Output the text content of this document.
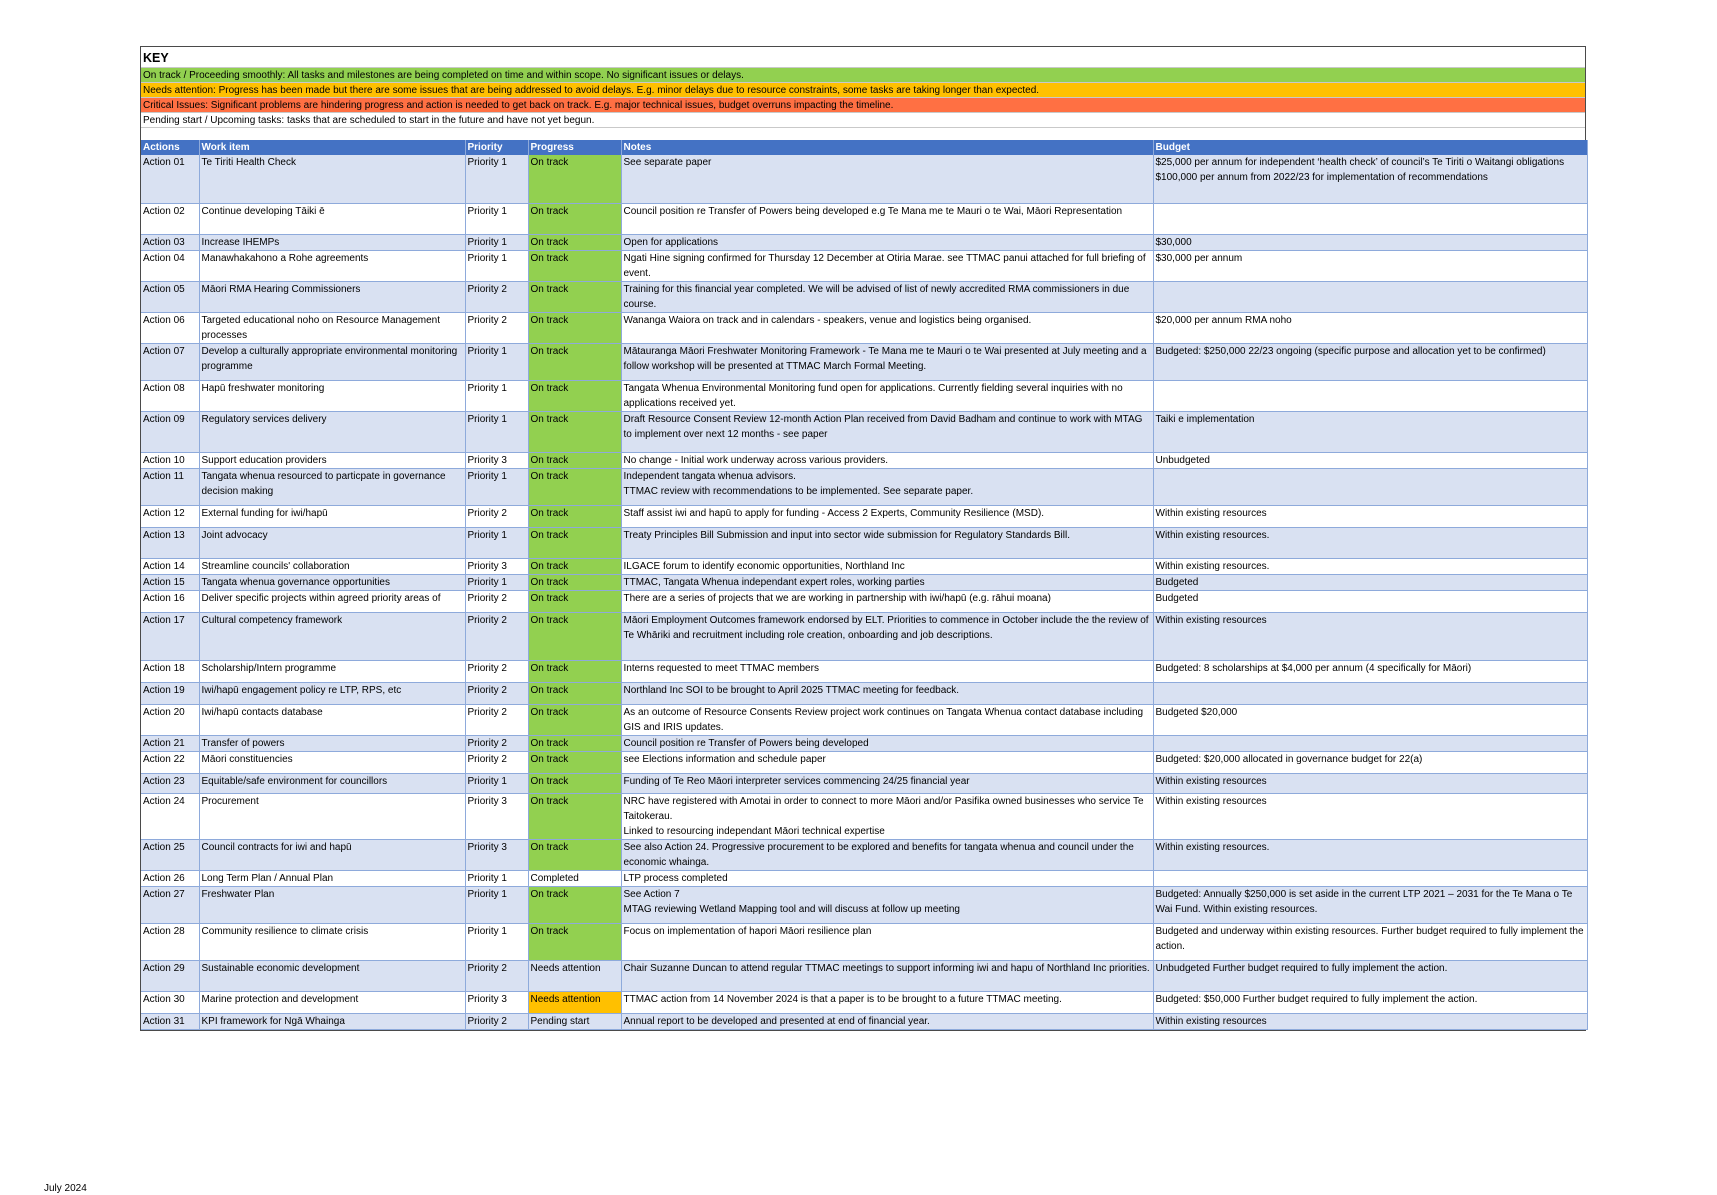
KEY
On track / Proceeding smoothly: All tasks and milestones are being completed on time and within scope. No significant issues or delays.
Needs attention: Progress has been made but there are some issues that are being addressed to avoid delays. E.g. minor delays due to resource constraints, some tasks are taking longer than expected.
Critical Issues: Significant problems are hindering progress and action is needed to get back on track. E.g. major technical issues, budget overruns impacting the timeline.
Pending start / Upcoming tasks: tasks that are scheduled to start in the future and have not yet begun.
Actions	Work item	Priority	Progress	Notes	Budget
Action 01	Te Tiriti Health Check	Priority 1	On track	See separate paper	$25,000 per annum for independent ‘health check’ of council’s Te Tiriti o Waitangi obligations
$100,000 per annum from 2022/23 for implementation of recommendations
Action 02	Continue developing Tāiki ē	Priority 1	On track	Council position re Transfer of Powers being developed e.g Te Mana me te Mauri o te Wai, Māori Representation	
Action 03	Increase IHEMPs	Priority 1	On track	Open for applications	$30,000
Action 04	Manawhakahono a Rohe agreements	Priority 1	On track	Ngati Hine signing confirmed for Thursday 12 December at Otiria Marae. see TTMAC panui attached for full briefing of event.	$30,000 per annum
Action 05	Māori RMA Hearing Commissioners	Priority 2	On track	Training for this financial year completed. We will be advised of list of newly accredited RMA commissioners in due course.	
Action 06	Targeted educational noho on Resource Management processes	Priority 2	On track	Wananga Waiora on track and in calendars - speakers, venue and logistics being organised.	$20,000 per annum RMA noho
Action 07	Develop a culturally appropriate environmental monitoring programme	Priority 1	On track	Mātauranga Māori Freshwater Monitoring Framework - Te Mana me te Mauri o te Wai presented at July meeting and a follow workshop will be presented at TTMAC March Formal Meeting.	Budgeted: $250,000 22/23 ongoing (specific purpose and allocation yet to be confirmed)
Action 08	Hapū freshwater monitoring	Priority 1	On track	Tangata Whenua Environmental Monitoring fund open for applications. Currently fielding several inquiries with no applications received yet.	
Action 09	Regulatory services delivery	Priority 1	On track	Draft Resource Consent Review 12-month Action Plan received from David Badham and continue to work with MTAG to implement over next 12 months - see paper	Taiki e implementation
Action 10	Support education providers	Priority 3	On track	No change - Initial work underway across various providers.	Unbudgeted
Action 11	Tangata whenua resourced to particpate in governance decision making	Priority 1	On track	Independent tangata whenua advisors.
TTMAC review with recommendations to be implemented. See separate paper.	
Action 12	External funding for iwi/hapū	Priority 2	On track	Staff assist iwi and hapū to apply for funding - Access 2 Experts, Community Resilience (MSD).	Within existing resources
Action 13	Joint advocacy	Priority 1	On track	Treaty Principles Bill Submission and input into sector wide submission for Regulatory Standards Bill.	Within existing resources.
Action 14	Streamline councils' collaboration	Priority 3	On track	ILGACE forum to identify economic opportunities, Northland Inc	Within existing resources.
Action 15	Tangata whenua governance opportunities	Priority 1	On track	TTMAC, Tangata Whenua independant expert roles, working parties	Budgeted
Action 16	Deliver specific projects within agreed priority areas of	Priority 2	On track	There are a series of projects that we are working in partnership with iwi/hapū (e.g. rāhui moana)	Budgeted
Action 17	Cultural competency framework	Priority 2	On track	Māori Employment Outcomes framework endorsed by ELT. Priorities to commence in October include the the review of Te Whāriki and recruitment including role creation, onboarding and job descriptions.	Within existing resources
Action 18	Scholarship/Intern programme	Priority 2	On track	Interns requested to meet TTMAC members	Budgeted: 8 scholarships at $4,000 per annum (4 specifically for Māori)
Action 19	Iwi/hapū engagement policy re LTP, RPS, etc	Priority 2	On track	Northland Inc SOI to be brought to April 2025 TTMAC meeting for feedback.	
Action 20	Iwi/hapū contacts database	Priority 2	On track	As an outcome of Resource Consents Review project work continues on Tangata Whenua contact database including GIS and IRIS updates.	Budgeted $20,000
Action 21	Transfer of powers	Priority 2	On track	Council position re Transfer of Powers being developed	
Action 22	Māori constituencies	Priority 2	On track	see Elections information and schedule paper	Budgeted: $20,000 allocated in governance budget for 22(a)
Action 23	Equitable/safe environment for councillors	Priority 1	On track	Funding of Te Reo Māori interpreter services commencing 24/25 financial year	Within existing resources
Action 24	Procurement	Priority 3	On track	NRC have registered with Amotai in order to connect to more Māori and/or Pasifika owned businesses who service Te Taitokerau.
Linked to resourcing independant Māori technical expertise	Within existing resources
Action 25	Council contracts for iwi and hapū	Priority 3	On track	See also Action 24. Progressive procurement to be explored and benefits for tangata whenua and council under the economic whainga.	Within existing resources.
Action 26	Long Term Plan / Annual Plan	Priority 1	Completed	LTP process completed	
Action 27	Freshwater Plan	Priority 1	On track	See Action 7
MTAG reviewing Wetland Mapping tool and will discuss at follow up meeting	Budgeted: Annually $250,000 is set aside in the current LTP 2021 – 2031 for the Te Mana o Te Wai Fund. Within existing resources.
Action 28	Community resilience to climate crisis	Priority 1	On track	Focus on implementation of hapori Māori resilience plan	Budgeted and underway within existing resources. Further budget required to fully implement the action.
Action 29	Sustainable economic development	Priority 2	Needs attention	Chair Suzanne Duncan to attend regular TTMAC meetings to support informing iwi and hapu of Northland Inc priorities.	Unbudgeted Further budget required to fully implement the action.
Action 30	Marine protection and development	Priority 3	Needs attention	TTMAC action from 14 November 2024 is that a paper is to be brought to a future TTMAC meeting.	Budgeted: $50,000 Further budget required to fully implement the action.
Action 31	KPI framework for Ngā Whainga	Priority 2	Pending start	Annual report to be developed and presented at end of financial year.	Within existing resources
July 2024
